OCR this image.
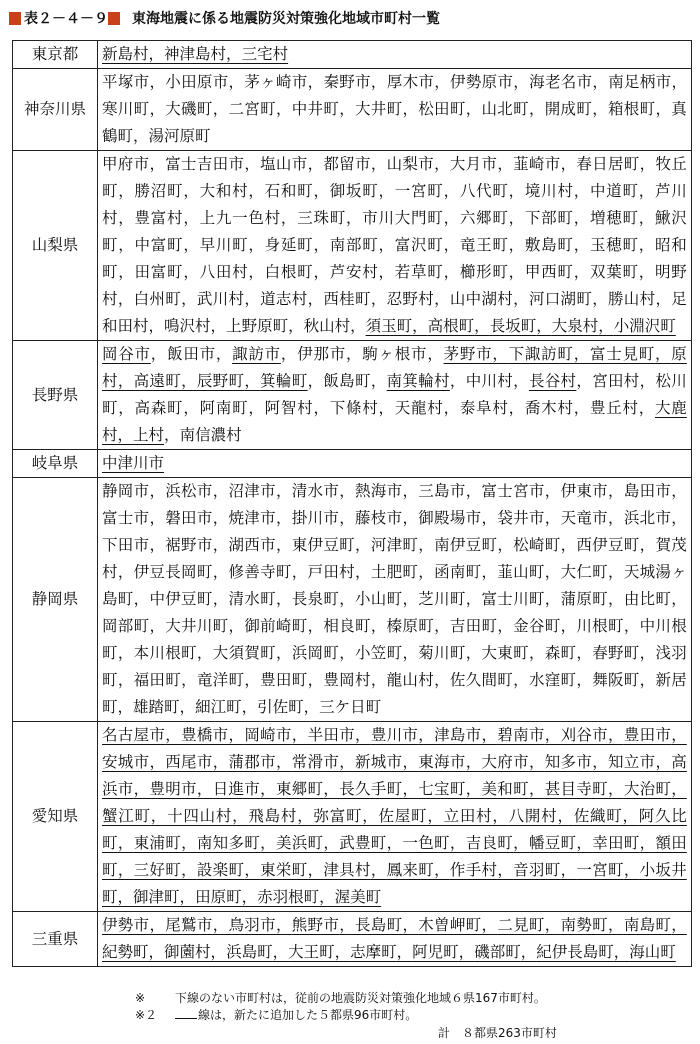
表２－４－９ 東海地震に係る地震防災対策強化地域市町村一覧
東京都	新島村，神津島村，三宅村
神奈川県	平塚市，小田原市，茅ヶ崎市，秦野市，厚木市，伊勢原市，海老名市，南足柄市，寒川町，大磯町，二宮町，中井町，大井町，松田町，山北町，開成町，箱根町，真鶴町，湯河原町
山梨県	甲府市，富士吉田市，塩山市，都留市，山梨市，大月市，韮崎市，春日居町，牧丘町，勝沼町，大和村，石和町，御坂町，一宮町，八代町，境川村，中道町，芦川村，豊富村，上九一色村，三珠町，市川大門町，六郷町，下部町，増穂町，鰍沢町，中富町，早川町，身延町，南部町，富沢町，竜王町，敷島町，玉穂町，昭和町，田富町，八田村，白根町，芦安村，若草町，櫛形町，甲西町，双葉町，明野村，白州町，武川村，道志村，西桂町，忍野村，山中湖村，河口湖町，勝山村，足和田村，鳴沢村，上野原町，秋山村，須玉町，高根町，長坂町，大泉村，小淵沢町
長野県	岡谷市，飯田市，諏訪市，伊那市，駒ヶ根市，茅野市，下諏訪町，富士見町，原村，高遠町，辰野町，箕輪町，飯島町，南箕輪村，中川村，長谷村，宮田村，松川町，高森町，阿南町，阿智村，下條村，天龍村，泰阜村，喬木村，豊丘村，大鹿村，上村，南信濃村
岐阜県	中津川市
静岡県	静岡市，浜松市，沼津市，清水市，熱海市，三島市，富士宮市，伊東市，島田市，富士市，磐田市，焼津市，掛川市，藤枝市，御殿場市，袋井市，天竜市，浜北市，下田市，裾野市，湖西市，東伊豆町，河津町，南伊豆町，松崎町，西伊豆町，賀茂村，伊豆長岡町，修善寺町，戸田村，土肥町，函南町，韮山町，大仁町，天城湯ヶ島町，中伊豆町，清水町，長泉町，小山町，芝川町，富士川町，蒲原町，由比町，岡部町，大井川町，御前崎町，相良町，榛原町，吉田町，金谷町，川根町，中川根町，本川根町，大須賀町，浜岡町，小笠町，菊川町，大東町，森町，春野町，浅羽町，福田町，竜洋町，豊田町，豊岡村，龍山村，佐久間町，水窪町，舞阪町，新居町，雄踏町，細江町，引佐町，三ケ日町
愛知県	名古屋市，豊橋市，岡崎市，半田市，豊川市，津島市，碧南市，刈谷市，豊田市，安城市，西尾市，蒲郡市，常滑市，新城市，東海市，大府市，知多市，知立市，高浜市，豊明市，日進市，東郷町，長久手町，七宝町，美和町，甚目寺町，大治町，蟹江町，十四山村，飛島村，弥富町，佐屋町，立田村，八開村，佐織町，阿久比町，東浦町，南知多町，美浜町，武豊町，一色町，吉良町，幡豆町，幸田町，額田町，三好町，設楽町，東栄町，津具村，鳳来町，作手村，音羽町，一宮町，小坂井町，御津町，田原町，赤羽根町，渥美町
三重県	伊勢市，尾鷲市，鳥羽市，熊野市，長島町，木曽岬町，二見町，南勢町，南島町，紀勢町，御薗村，浜島町，大王町，志摩町，阿児町，磯部町，紀伊長島町，海山町
※ 下線のない市町村は，従前の地震防災対策強化地域６県167市町村。
※２	線は，新たに追加した５都県96市町村。
計　８都県263市町村
